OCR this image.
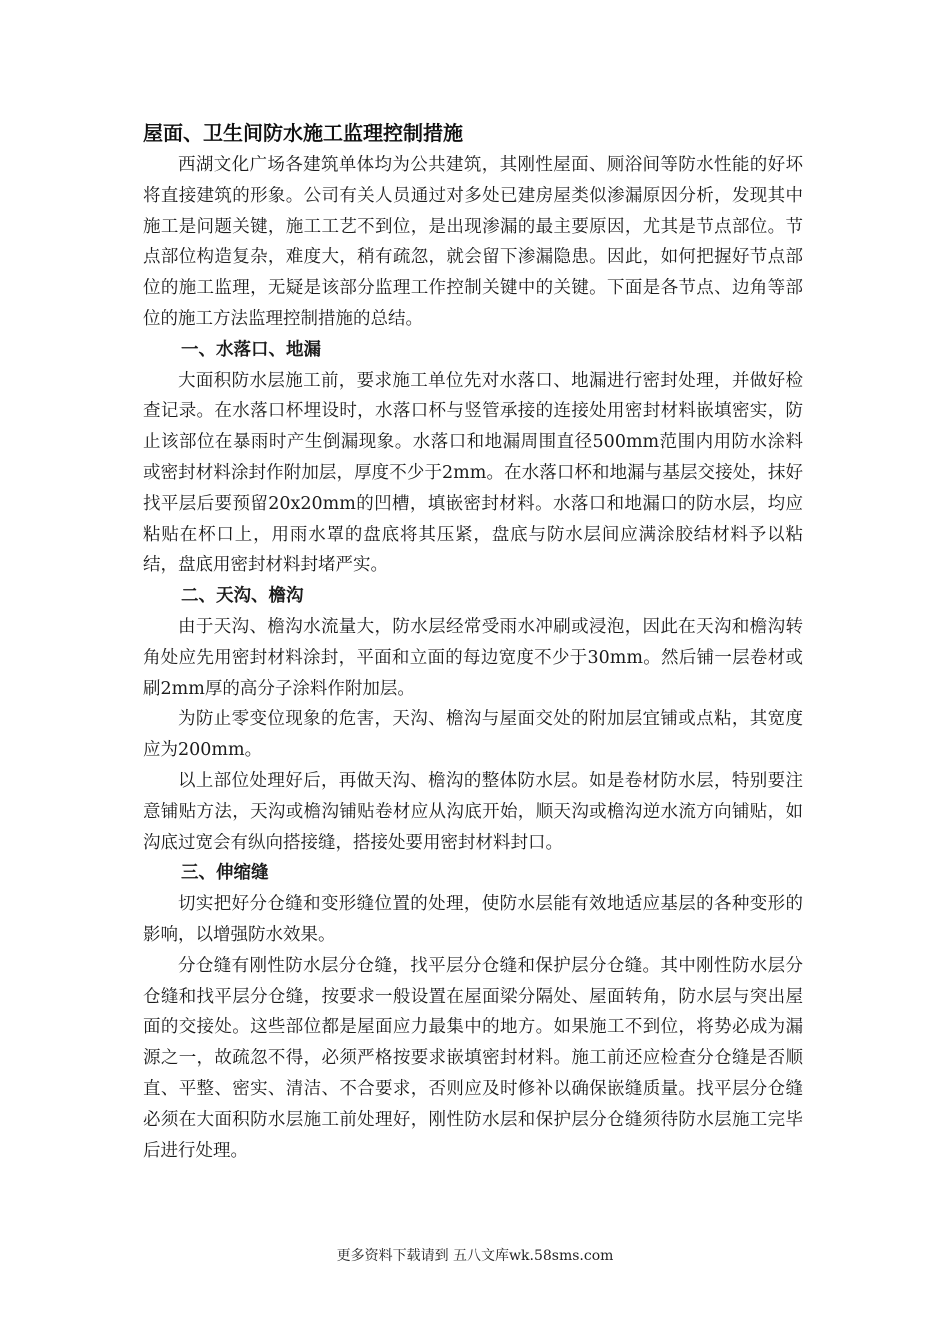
屋面、卫生间防水施工监理控制措施

西湖文化广场各建筑单体均为公共建筑，其刚性屋面、厕浴间等防水性能的好坏将直接建筑的形象。公司有关人员通过对多处已建房屋类似渗漏原因分析，发现其中施工是问题关键，施工工艺不到位，是出现渗漏的最主要原因，尤其是节点部位。节点部位构造复杂，难度大，稍有疏忽，就会留下渗漏隐患。因此，如何把握好节点部位的施工监理，无疑是该部分监理工作控制关键中的关键。下面是各节点、边角等部位的施工方法监理控制措施的总结。

一、水落口、地漏

大面积防水层施工前，要求施工单位先对水落口、地漏进行密封处理，并做好检查记录。在水落口杯埋设时，水落口杯与竖管承接的连接处用密封材料嵌填密实，防止该部位在暴雨时产生倒漏现象。水落口和地漏周围直径500mm范围内用防水涂料或密封材料涂封作附加层，厚度不少于2mm。在水落口杯和地漏与基层交接处，抹好找平层后要预留20x20mm的凹槽，填嵌密封材料。水落口和地漏口的防水层，均应粘贴在杯口上，用雨水罩的盘底将其压紧，盘底与防水层间应满涂胶结材料予以粘结，盘底用密封材料封堵严实。

二、天沟、檐沟

由于天沟、檐沟水流量大，防水层经常受雨水冲刷或浸泡，因此在天沟和檐沟转角处应先用密封材料涂封，平面和立面的每边宽度不少于30mm。然后铺一层卷材或刷2mm厚的高分子涂料作附加层。

为防止零变位现象的危害，天沟、檐沟与屋面交处的附加层宜铺或点粘，其宽度应为200mm。

以上部位处理好后，再做天沟、檐沟的整体防水层。如是卷材防水层，特别要注意铺贴方法，天沟或檐沟铺贴卷材应从沟底开始，顺天沟或檐沟逆水流方向铺贴，如沟底过宽会有纵向搭接缝，搭接处要用密封材料封口。

三、伸缩缝

切实把好分仓缝和变形缝位置的处理，使防水层能有效地适应基层的各种变形的影响，以增强防水效果。

分仓缝有刚性防水层分仓缝，找平层分仓缝和保护层分仓缝。其中刚性防水层分仓缝和找平层分仓缝，按要求一般设置在屋面梁分隔处、屋面转角，防水层与突出屋面的交接处。这些部位都是屋面应力最集中的地方。如果施工不到位，将势必成为漏源之一，故疏忽不得，必须严格按要求嵌填密封材料。施工前还应检查分仓缝是否顺直、平整、密实、清洁、不合要求，否则应及时修补以确保嵌缝质量。找平层分仓缝必须在大面积防水层施工前处理好，刚性防水层和保护层分仓缝须待防水层施工完毕后进行处理。

更多资料下载请到 五八文库wk.58sms.com
